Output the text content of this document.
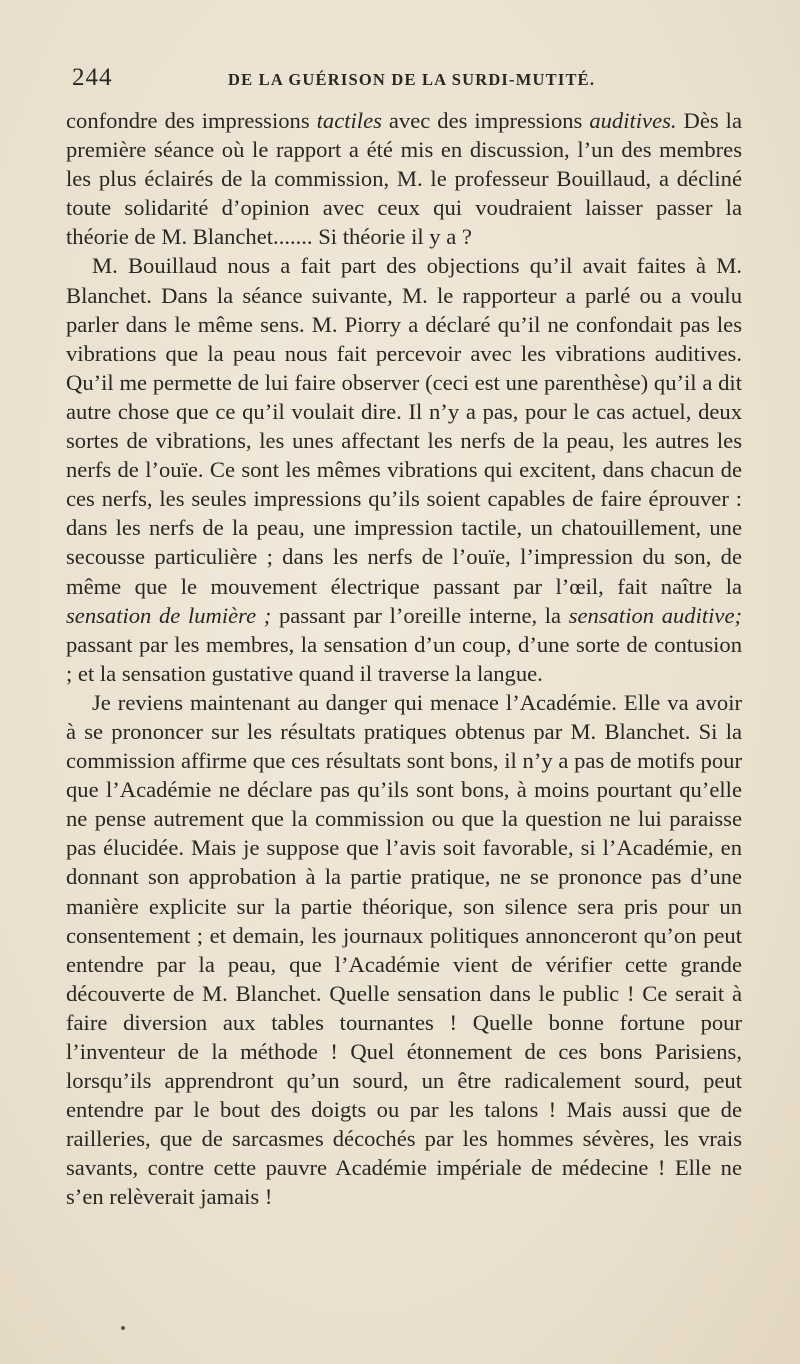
244	DE LA GUÉRISON DE LA SURDI-MUTITÉ.

confondre des impressions tactiles avec des impressions auditives. Dès la première séance où le rapport a été mis en discussion, l’un des membres les plus éclairés de la commission, M. le professeur Bouillaud, a décliné toute solidarité d’opinion avec ceux qui voudraient laisser passer la théorie de M. Blanchet....... Si théorie il y a ?

M. Bouillaud nous a fait part des objections qu’il avait faites à M. Blanchet. Dans la séance suivante, M. le rapporteur a parlé ou a voulu parler dans le même sens. M. Piorry a déclaré qu’il ne confondait pas les vibrations que la peau nous fait percevoir avec les vibrations auditives. Qu’il me permette de lui faire observer (ceci est une parenthèse) qu’il a dit autre chose que ce qu’il voulait dire. Il n’y a pas, pour le cas actuel, deux sortes de vibrations, les unes affectant les nerfs de la peau, les autres les nerfs de l’ouïe. Ce sont les mêmes vibrations qui excitent, dans chacun de ces nerfs, les seules impressions qu’ils soient capables de faire éprouver : dans les nerfs de la peau, une impression tactile, un chatouillement, une secousse particulière ; dans les nerfs de l’ouïe, l’impression du son, de même que le mouvement électrique passant par l’œil, fait naître la sensation de lumière ; passant par l’oreille interne, la sensation auditive; passant par les membres, la sensation d’un coup, d’une sorte de contusion ; et la sensation gustative quand il traverse la langue.

Je reviens maintenant au danger qui menace l’Académie. Elle va avoir à se prononcer sur les résultats pratiques obtenus par M. Blanchet. Si la commission affirme que ces résultats sont bons, il n’y a pas de motifs pour que l’Académie ne déclare pas qu’ils sont bons, à moins pourtant qu’elle ne pense autrement que la commission ou que la question ne lui paraisse pas élucidée. Mais je suppose que l’avis soit favorable, si l’Académie, en donnant son approbation à la partie pratique, ne se prononce pas d’une manière explicite sur la partie théorique, son silence sera pris pour un consentement ; et demain, les journaux politiques annonceront qu’on peut entendre par la peau, que l’Académie vient de vérifier cette grande découverte de M. Blanchet. Quelle sensation dans le public ! Ce serait à faire diversion aux tables tournantes ! Quelle bonne fortune pour l’inventeur de la méthode ! Quel étonnement de ces bons Parisiens, lorsqu’ils apprendront qu’un sourd, un être radicalement sourd, peut entendre par le bout des doigts ou par les talons ! Mais aussi que de railleries, que de sarcasmes décochés par les hommes sévères, les vrais savants, contre cette pauvre Académie impériale de médecine ! Elle ne s’en relèverait jamais !
